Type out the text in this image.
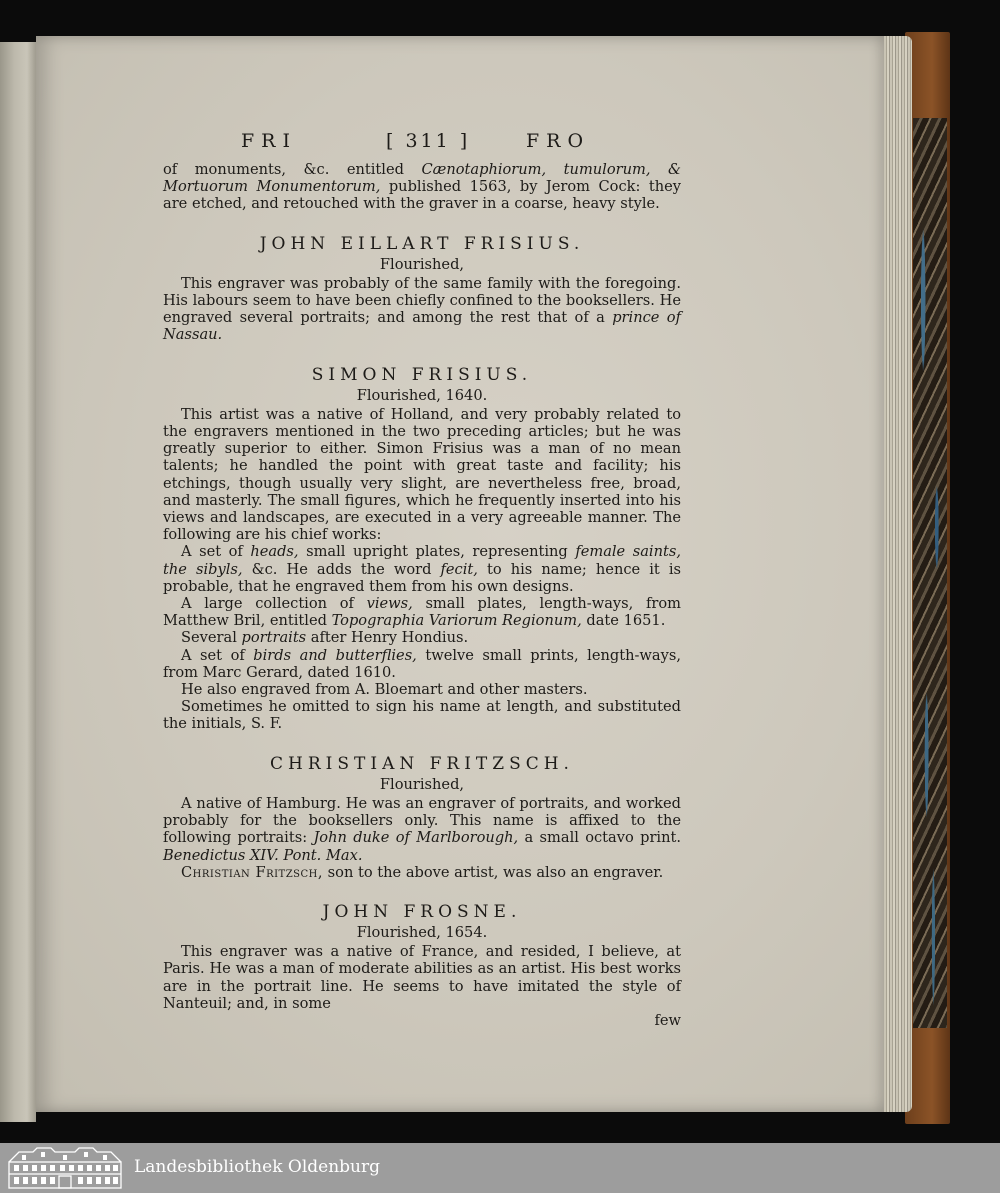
FRI	[ 311 ]	FRO

of monuments, &c. entitled Cænotaphiorum, tumulorum, & Mortuorum Monumentorum, published 1563, by Jerom Cock: they are etched, and retouched with the graver in a coarse, heavy style.

JOHN EILLART FRISIUS.
Flourished,

This engraver was probably of the same family with the foregoing. His labours seem to have been chiefly confined to the booksellers. He engraved several portraits; and among the rest that of a prince of Nassau.

SIMON FRISIUS.
Flourished, 1640.

This artist was a native of Holland, and very probably related to the engravers mentioned in the two preceding articles; but he was greatly superior to either. Simon Frisius was a man of no mean talents; he handled the point with great taste and facility; his etchings, though usually very slight, are nevertheless free, broad, and masterly. The small figures, which he frequently inserted into his views and landscapes, are executed in a very agreeable manner. The following are his chief works:

A set of heads, small upright plates, representing female saints, the sibyls, &c. He adds the word fecit, to his name; hence it is probable, that he engraved them from his own designs.

A large collection of views, small plates, length-ways, from Matthew Bril, entitled Topographia Variorum Regionum, date 1651.

Several portraits after Henry Hondius.

A set of birds and butterflies, twelve small prints, length-ways, from Marc Gerard, dated 1610.

He also engraved from A. Bloemart and other masters.

Sometimes he omitted to sign his name at length, and substituted the initials, S. F.

CHRISTIAN FRITZSCH.
Flourished,

A native of Hamburg. He was an engraver of portraits, and worked probably for the booksellers only. This name is affixed to the following portraits: John duke of Marlborough, a small octavo print. Benedictus XIV. Pont. Max.

Christian Fritzsch, son to the above artist, was also an engraver.

JOHN FROSNE.
Flourished, 1654.

This engraver was a native of France, and resided, I believe, at Paris. He was a man of moderate abilities as an artist. His best works are in the portrait line. He seems to have imitated the style of Nanteuil; and, in some

few

Landesbibliothek Oldenburg
